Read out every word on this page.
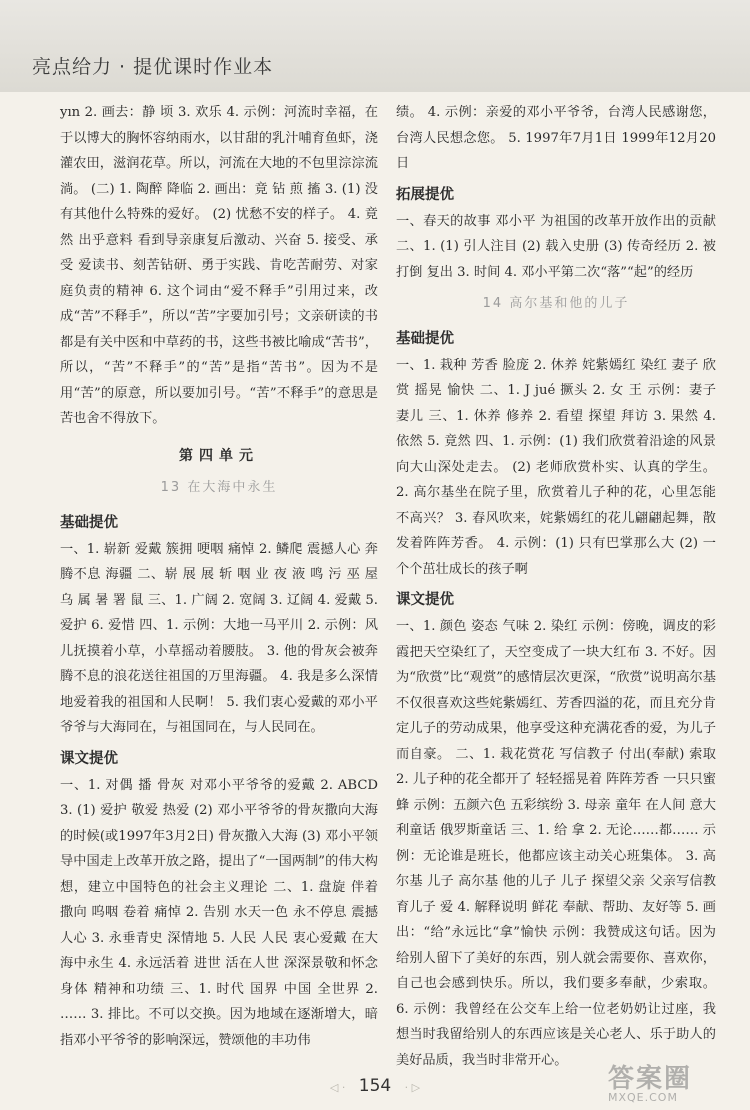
亮点给力 · 提优课时作业本

yın 2. 画去：静 顷 3. 欢乐 4. 示例：河流时幸福，在于以博大的胸怀容纳雨水，以甘甜的乳汁哺育鱼虾，浇灌农田，滋润花草。所以，河流在大地的不包里淙淙流淌。 (二) 1. 陶醉 降临 2. 画出：竟 钻 煎 搐 3. (1) 没有其他什么特殊的爱好。 (2) 忧愁不安的样子。 4. 竟然 出乎意料 看到导亲康复后激动、兴奋 5. 接受、承受 爱读书、刻苦钻研、勇于实践、肯吃苦耐劳、对家庭负责的精神 6. 这个词由“爱不释手”引用过来，改成“苦”不释手”，所以“苦”字要加引号；文亲研读的书都是有关中医和中草药的书，这些书被比喻成“苦书”，所以，“苦”不释手”的“苦”是指“苦书”。因为不是用“苦”的原意，所以要加引号。“苦”不释手”的意思是苦也舍不得放下。

第四单元
13 在大海中永生
基础提优

一、1. 崭新 爱戴 簇拥 哽咽 痛悼 2. 鳞爬 震撼人心 奔腾不息 海疆 二、崭 展 展 斩 咽 业 夜 液 鸣 污 巫 屋 乌 属 暑 署 鼠 三、1. 广阔 2. 宽阔 3. 辽阔 4. 爱戴 5. 爱护 6. 爱惜 四、1. 示例：大地一马平川 2. 示例：风儿抚摸着小草，小草摇动着腰肢。 3. 他的骨灰会被奔腾不息的浪花送往祖国的万里海疆。 4. 我是多么深情地爱着我的祖国和人民啊！ 5. 我们衷心爱戴的邓小平爷爷与大海同在，与祖国同在，与人民同在。

课文提优

一、1. 对偶 播 骨灰 对邓小平爷爷的爱戴 2. ABCD 3. (1) 爱护 敬爱 热爱 (2) 邓小平爷爷的骨灰撒向大海的时候(或1997年3月2日) 骨灰撒入大海 (3) 邓小平领导中国走上改革开放之路，提出了“一国两制”的伟大构想，建立中国特色的社会主义理论 二、1. 盘旋 伴着 撒向 呜咽 卷着 痛悼 2. 告别 水天一色 永不停息 震撼人心 3. 永垂青史 深情地 5. 人民 人民 衷心爱戴 在大海中永生 4. 永远活着 进世 活在人世 深深景敬和怀念 身体 精神和功绩 三、1. 时代 国界 中国 全世界 2. …… 3. 排比。不可以交换。因为地域在逐渐增大，暗指邓小平爷爷的影响深远，赞颂他的丰功伟

绩。 4. 示例：亲爱的邓小平爷爷，台湾人民感谢您，台湾人民想念您。 5. 1997年7月1日 1999年12月20日

拓展提优

一、春天的故事 邓小平 为祖国的改革开放作出的贡献 二、1. (1) 引人注目 (2) 载入史册 (3) 传奇经历 2. 被打倒 复出 3. 时间 4. 邓小平第二次“落”“起”的经历

14 高尔基和他的儿子
基础提优

一、1. 栽种 芳香 脸庞 2. 休养 姹紫嫣红 染红 妻子 欣赏 摇晃 愉快 二、1. J jué 撅头 2. 女 王 示例：妻子 妻儿 三、1. 休养 修养 2. 看望 探望 拜访 3. 果然 4. 依然 5. 竟然 四、1. 示例：(1) 我们欣赏着沿途的风景向大山深处走去。 (2) 老师欣赏朴实、认真的学生。 2. 高尔基坐在院子里，欣赏着儿子种的花，心里怎能不高兴？ 3. 春风吹来，姹紫嫣红的花儿翩翩起舞，散发着阵阵芳香。 4. 示例：(1) 只有巴掌那么大 (2) 一个个茁壮成长的孩子啊

课文提优

一、1. 颜色 姿态 气味 2. 染红 示例：傍晚，调皮的彩霞把天空染红了，天空变成了一块大红布 3. 不好。因为“欣赏”比“观赏”的感情层次更深，“欣赏”说明高尔基不仅很喜欢这些姹紫嫣红、芳香四溢的花，而且充分肯定儿子的劳动成果，他享受这种充满花香的爱，为儿子而自豪。 二、1. 栽花赏花 写信教子 付出(奉献) 索取 2. 儿子种的花全都开了 轻轻摇晃着 阵阵芳香 一只只蜜蜂 示例：五颜六色 五彩缤纷 3. 母亲 童年 在人间 意大利童话 俄罗斯童话 三、1. 给 拿 2. 无论……都…… 示例：无论谁是班长，他都应该主动关心班集体。 3. 高尔基 儿子 高尔基 他的儿子 儿子 探望父亲 父亲写信教育儿子 爱 4. 解释说明 鲜花 奉献、帮助、友好等 5. 画出：“给”永远比“拿”愉快 示例：我赞成这句话。因为给别人留下了美好的东西，别人就会需要你、喜欢你，自己也会感到快乐。所以，我们要多奉献，少索取。 6. 示例：我曾经在公交车上给一位老奶奶让过座，我想当时我留给别人的东西应该是关心老人、乐于助人的美好品质，我当时非常开心。

◁ · 154 · ▷	答案圈
MXQE.COM
